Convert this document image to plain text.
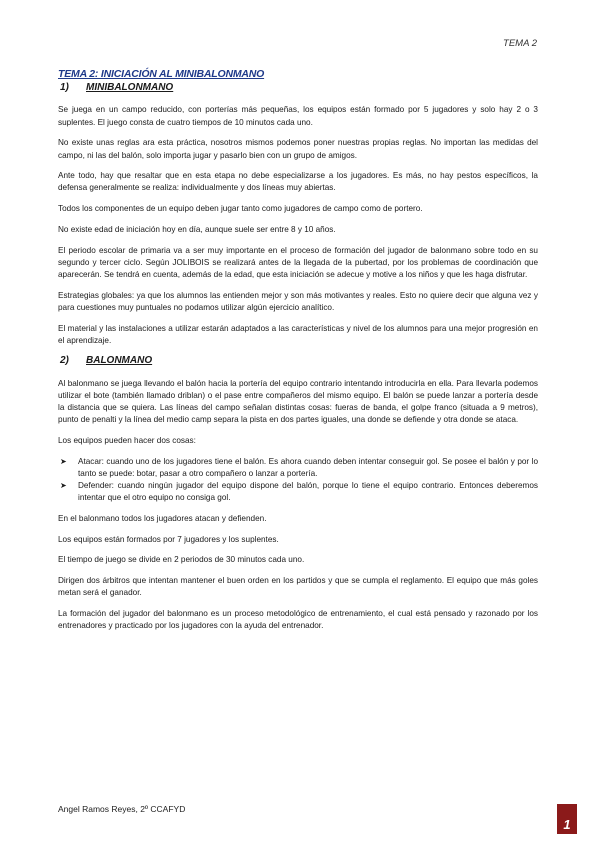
TEMA 2

TEMA 2: INICIACIÓN AL MINIBALONMANO

1) MINIBALONMANO

Se juega en un campo reducido, con porterías más pequeñas, los equipos están formado por 5 jugadores y solo hay 2 o 3 suplentes. El juego consta de cuatro tiempos de 10 minutos cada uno.

No existe unas reglas ara esta práctica, nosotros mismos podemos poner nuestras propias reglas. No importan las medidas del campo, ni las del balón, solo importa jugar y pasarlo bien con un grupo de amigos.

Ante todo, hay que resaltar que en esta etapa no debe especializarse a los jugadores. Es más, no hay pestos específicos, la defensa generalmente se realiza: individualmente y dos líneas muy abiertas.

Todos los componentes de un equipo deben jugar tanto como jugadores de campo como de portero.

No existe edad de iniciación hoy en día, aunque suele ser entre 8 y 10 años.

El periodo escolar de primaria va a ser muy importante en el proceso de formación del jugador de balonmano sobre todo en su segundo y tercer ciclo. Según JOLIBOIS se realizará antes de la llegada de la pubertad, por los problemas de coordinación que aparecerán. Se tendrá en cuenta, además de la edad, que esta iniciación se adecue y motive a los niños y que les haga disfrutar.

Estrategias globales: ya que los alumnos las entienden mejor y son más motivantes y reales. Esto no quiere decir que alguna vez y para cuestiones muy puntuales no podamos utilizar algún ejercicio analítico.

El material y las instalaciones a utilizar estarán adaptados a las características y nivel de los alumnos para una mejor progresión en el aprendizaje.

2) BALONMANO

Al balonmano se juega llevando el balón hacia la portería del equipo contrario intentando introducirla en ella. Para llevarla podemos utilizar el bote (también llamado driblan) o el pase entre compañeros del mismo equipo. El balón se puede lanzar a portería desde la distancia que se quiera. Las líneas del campo señalan distintas cosas: fueras de banda, el golpe franco (situada a 9 metros), punto de penalti y la línea del medio camp separa la pista en dos partes iguales, una donde se defiende y otra donde se ataca.

Los equipos pueden hacer dos cosas:

➤ Atacar: cuando uno de los jugadores tiene el balón. Es ahora cuando deben intentar conseguir gol. Se posee el balón y por lo tanto se puede: botar, pasar a otro compañero o lanzar a portería.
➤ Defender: cuando ningún jugador del equipo dispone del balón, porque lo tiene el equipo contrario. Entonces deberemos intentar que el otro equipo no consiga gol.

En el balonmano todos los jugadores atacan y defienden.

Los equipos están formados por 7 jugadores y los suplentes.

El tiempo de juego se divide en 2 periodos de 30 minutos cada uno.

Dirigen dos árbitros que intentan mantener el buen orden en los partidos y que se cumpla el reglamento. El equipo que más goles metan será el ganador.

La formación del jugador del balonmano es un proceso metodológico de entrenamiento, el cual está pensado y razonado por los entrenadores y practicado por los jugadores con la ayuda del entrenador.

Angel Ramos Reyes, 2º CCAFYD
1
